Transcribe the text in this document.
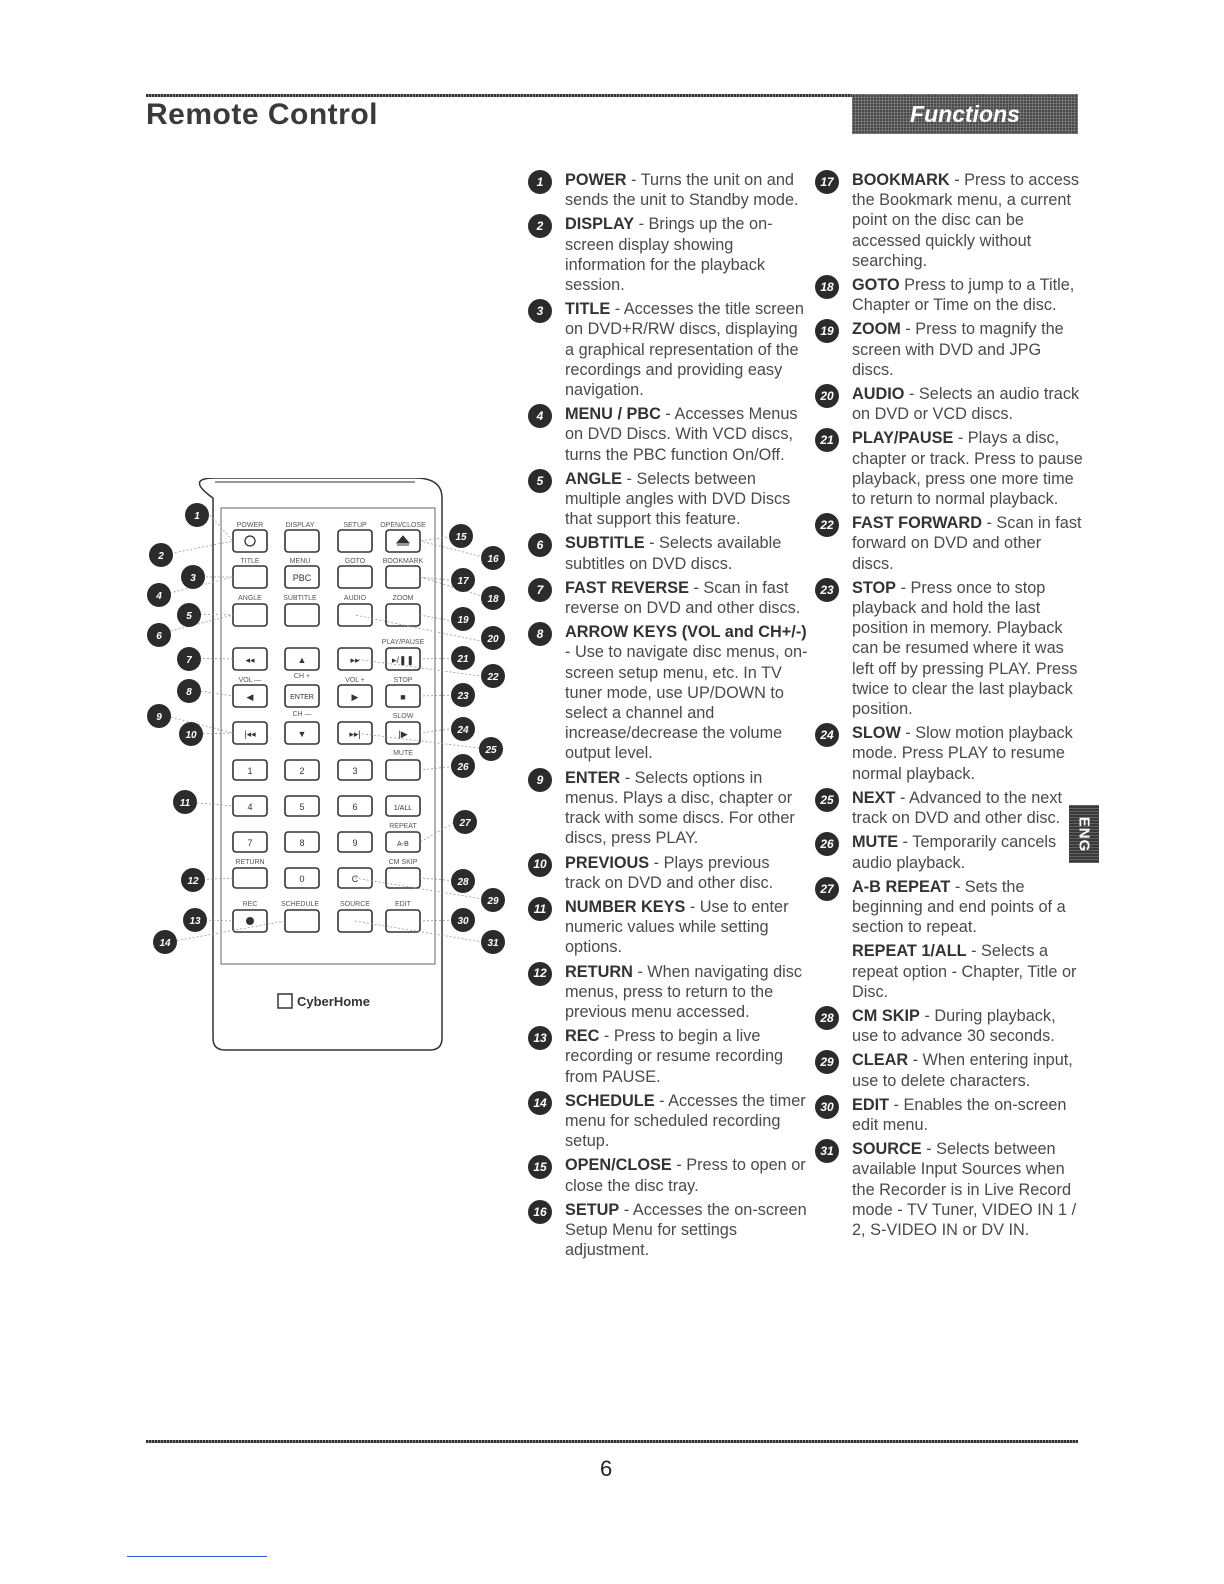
Remote Control	Functions
POWER	DISPLAY	SETUP OPEN/CLOSE
TITLE	MENU	GOTO	BOOKMARK
PBC
ANGLE	SUBTITLE	AUDIO	ZOOM
PLAY/PAUSE
◂◂	▲	▸▸	▸/❚❚
CH +
VOL —	VOL +	STOP
◀	ENTER	▶	■
CH —	SLOW
|◂◂	▼	▸▸|	|▶
MUTE
1	2	3
4	5	6	1/ALL
REPEAT
7	8	9	A-B
RETURN	CM SKIP
0	C
REC	SCHEDULE	SOURCE	EDIT
CyberHome
1
2
3
4
5
6
7
8
9
10
11
12
13
14
15
16
17
18
19
20
21
22
23
24
25
26
27
28
29
30
31
1	POWER - Turns the unit on and sends the unit to Standby mode.
2	DISPLAY - Brings up the on-screen display showing information for the playback session.
3	TITLE - Accesses the title screen on DVD+R/RW discs, displaying a graphical representation of the recordings and providing easy navigation.
4	MENU / PBC - Accesses Menus on DVD Discs. With VCD discs, turns the PBC function On/Off.
5	ANGLE - Selects between multiple angles with DVD Discs that support this feature.
6	SUBTITLE - Selects available subtitles on DVD discs.
7	FAST REVERSE - Scan in fast reverse on DVD and other discs.
8	ARROW KEYS (VOL and CH+/-) - Use to navigate disc menus, on-screen setup menu, etc. In TV tuner mode, use UP/DOWN to select a channel and increase/decrease the volume output level.
9	ENTER - Selects options in menus. Plays a disc, chapter or track with some discs. For other discs, press PLAY.
10	PREVIOUS - Plays previous track on DVD and other disc.
11	NUMBER KEYS - Use to enter numeric values while setting options.
12	RETURN - When navigating disc menus, press to return to the previous menu accessed.
13	REC - Press to begin a live recording or resume recording from PAUSE.
14	SCHEDULE - Accesses the timer menu for scheduled recording setup.
15	OPEN/CLOSE - Press to open or close the disc tray.
16	SETUP - Accesses the on-screen Setup Menu for settings adjustment.
17	BOOKMARK - Press to access the Bookmark menu, a current point on the disc can be accessed quickly without searching.
18	GOTO Press to jump to a Title, Chapter or Time on the disc.
19	ZOOM - Press to magnify the screen with DVD and JPG discs.
20	AUDIO - Selects an audio track on DVD or VCD discs.
21	PLAY/PAUSE - Plays a disc, chapter or track. Press to pause playback, press one more time to return to normal playback.
22	FAST FORWARD - Scan in fast forward on DVD and other discs.
23	STOP - Press once to stop playback and hold the last position in memory. Playback can be resumed where it was left off by pressing PLAY. Press twice to clear the last playback position.
24	SLOW - Slow motion playback mode. Press PLAY to resume normal playback.
25	NEXT - Advanced to the next track on DVD and other disc.
26	MUTE - Temporarily cancels audio playback.
27	A-B REPEAT - Sets the beginning and end points of a section to repeat.
REPEAT 1/ALL - Selects a repeat option - Chapter, Title or Disc.
28	CM SKIP - During playback, use to advance 30 seconds.
29	CLEAR - When entering input, use to delete characters.
30	EDIT - Enables the on-screen edit menu.
31	SOURCE - Selects between available Input Sources when the Recorder is in Live Record mode - TV Tuner, VIDEO IN 1 / 2, S-VIDEO IN or DV IN.
ENG
6
